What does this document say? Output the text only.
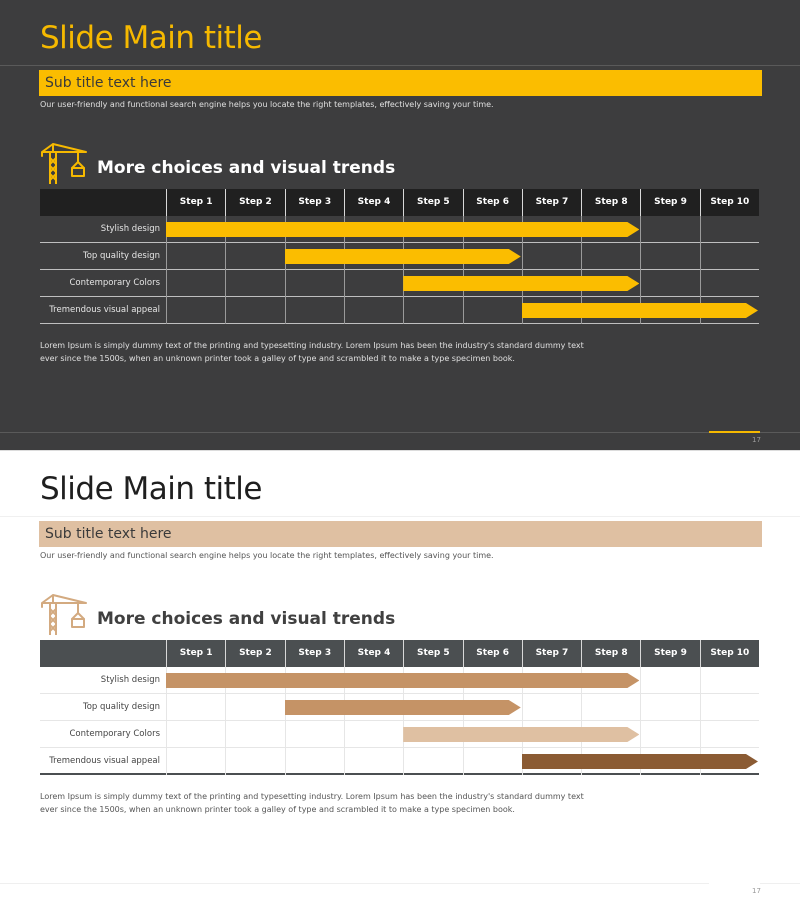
Slide Main title
Sub title text here
Our user-friendly and functional search engine helps you locate the right templates, effectively saving your time.
More choices and visual trends
Step 1	Step 2	Step 3	Step 4	Step 5	Step 6	Step 7	Step 8	Step 9	Step 10
Stylish design
Top quality design
Contemporary Colors
Tremendous visual appeal
Lorem Ipsum is simply dummy text of the printing and typesetting industry. Lorem Ipsum has been the industry's standard dummy text ever since the 1500s, when an unknown printer took a galley of type and scrambled it to make a type specimen book.
17
Slide Main title
Sub title text here
Our user-friendly and functional search engine helps you locate the right templates, effectively saving your time.
More choices and visual trends
Step 1	Step 2	Step 3	Step 4	Step 5	Step 6	Step 7	Step 8	Step 9	Step 10
Stylish design
Top quality design
Contemporary Colors
Tremendous visual appeal
Lorem Ipsum is simply dummy text of the printing and typesetting industry. Lorem Ipsum has been the industry's standard dummy text ever since the 1500s, when an unknown printer took a galley of type and scrambled it to make a type specimen book.
17
